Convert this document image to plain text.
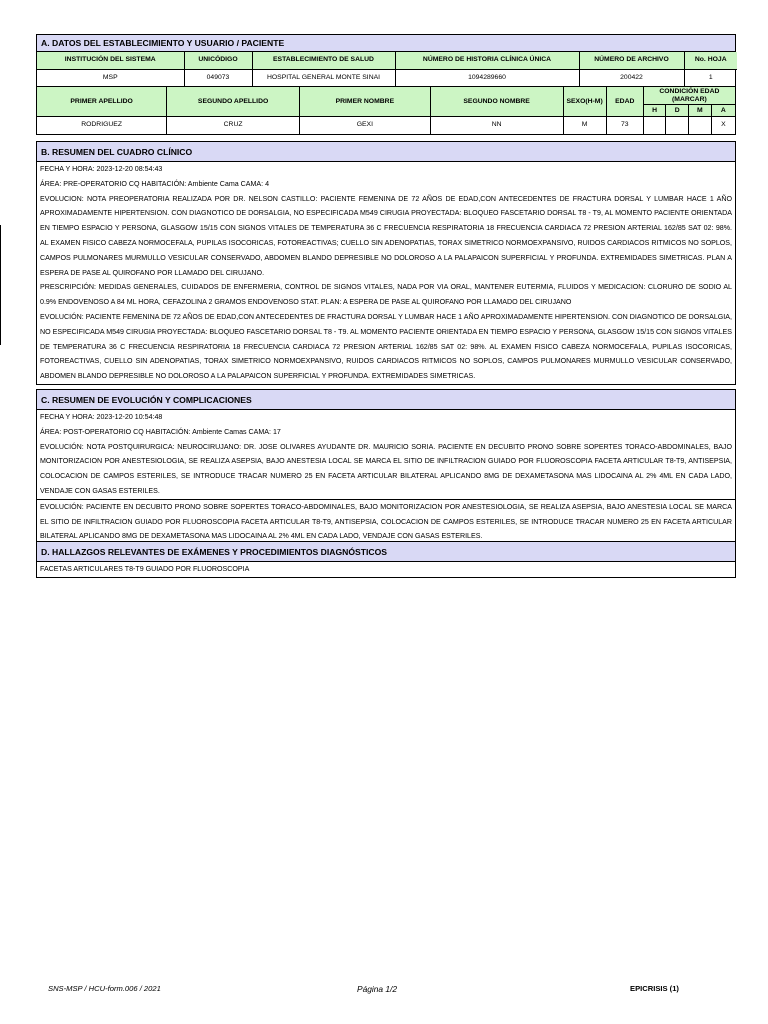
A. DATOS DEL ESTABLECIMIENTO Y USUARIO / PACIENTE
INSTITUCIÓN DEL SISTEMA	UNICÓDIGO	ESTABLECIMIENTO DE SALUD	NÚMERO DE HISTORIA CLÍNICA ÚNICA	NÚMERO DE ARCHIVO	No. HOJA
MSP	049073	HOSPITAL GENERAL MONTE SINAI	1094289660	200422	1
PRIMER APELLIDO	SEGUNDO APELLIDO	PRIMER NOMBRE	SEGUNDO NOMBRE	SEXO(H-M)	EDAD	CONDICIÓN EDAD (MARCAR)			
						H	D	M	A
RODRIGUEZ	CRUZ	GEXI	NN	M	73				X
B. RESUMEN DEL CUADRO CLÍNICO
FECHA Y HORA: 2023-12-20 08:54:43
ÁREA: PRE-OPERATORIO CQ HABITACIÓN: Ambiente Cama CAMA: 4
EVOLUCION: NOTA PREOPERATORIA REALIZADA POR DR. NELSON CASTILLO: PACIENTE FEMENINA DE 72 AÑOS DE EDAD,CON ANTECEDENTES DE FRACTURA DORSAL Y LUMBAR HACE 1 AÑO APROXIMADAMENTE HIPERTENSION. CON DIAGNOTICO DE DORSALGIA, NO ESPECIFICADA M549 CIRUGIA PROYECTADA: BLOQUEO FASCETARIO DORSAL T8 - T9, AL MOMENTO PACIENTE ORIENTADA EN TIEMPO ESPACIO Y PERSONA, GLASGOW 15/15 CON SIGNOS VITALES DE TEMPERATURA 36 C FRECUENCIA RESPIRATORIA 18 FRECUENCIA CARDIACA 72 PRESION ARTERIAL 162/85 SAT 02: 98%. AL EXAMEN FISICO CABEZA NORMOCEFALA, PUPILAS ISOCORICAS, FOTOREACTIVAS; CUELLO SIN ADENOPATIAS, TORAX SIMETRICO NORMOEXPANSIVO, RUIDOS CARDIACOS RITMICOS NO SOPLOS, CAMPOS PULMONARES MURMULLO VESICULAR CONSERVADO, ABDOMEN BLANDO DEPRESIBLE NO DOLOROSO A LA PALAPAICON SUPERFICIAL Y PROFUNDA. EXTREMIDADES SIMETRICAS. PLAN A ESPERA DE PASE AL QUIROFANO POR LLAMADO DEL CIRUJANO.
PRESCRIPCIÓN: MEDIDAS GENERALES, CUIDADOS DE ENFERMERIA, CONTROL DE SIGNOS VITALES, NADA POR VIA ORAL, MANTENER EUTERMIA, FLUIDOS Y MEDICACION: CLORURO DE SODIO AL 0.9% ENDOVENOSO A 84 ML HORA, CEFAZOLINA 2 GRAMOS ENDOVENOSO STAT. PLAN: A ESPERA DE PASE AL QUIROFANO POR LLAMADO DEL CIRUJANO
EVOLUCIÓN: PACIENTE FEMENINA DE 72 AÑOS DE EDAD,CON ANTECEDENTES DE FRACTURA DORSAL Y LUMBAR HACE 1 AÑO APROXIMADAMENTE HIPERTENSION. CON DIAGNOTICO DE DORSALGIA, NO ESPECIFICADA M549 CIRUGIA PROYECTADA: BLOQUEO FASCETARIO DORSAL T8 - T9. AL MOMENTO PACIENTE ORIENTADA EN TIEMPO ESPACIO Y PERSONA, GLASGOW 15/15 CON SIGNOS VITALES DE TEMPERATURA 36 C FRECUENCIA RESPIRATORIA 18 FRECUENCIA CARDIACA 72 PRESION ARTERIAL 162/85 SAT 02: 98%. AL EXAMEN FISICO CABEZA NORMOCEFALA, PUPILAS ISOCORICAS, FOTOREACTIVAS, CUELLO SIN ADENOPATIAS, TORAX SIMETRICO NORMOEXPANSIVO, RUIDOS CARDIACOS RITMICOS NO SOPLOS, CAMPOS PULMONARES MURMULLO VESICULAR CONSERVADO, ABDOMEN BLANDO DEPRESIBLE NO DOLOROSO A LA PALAPAICON SUPERFICIAL Y PROFUNDA. EXTREMIDADES SIMETRICAS.
C. RESUMEN DE EVOLUCIÓN Y COMPLICACIONES
FECHA Y HORA: 2023-12-20 10:54:48
ÁREA: POST-OPERATORIO CQ HABITACIÓN: Ambiente Camas CAMA: 17
EVOLUCIÓN: NOTA POSTQUIRURGICA: NEUROCIRUJANO: DR. JOSE OLIVARES AYUDANTE DR. MAURICIO SORIA. PACIENTE EN DECUBITO PRONO SOBRE SOPERTES TORACO-ABDOMINALES, BAJO MONITORIZACION POR ANESTESIOLOGIA, SE REALIZA ASEPSIA, BAJO ANESTESIA LOCAL SE MARCA EL SITIO DE INFILTRACION GUIADO POR FLUOROSCOPIA FACETA ARTICULAR T8-T9, ANTISEPSIA, COLOCACION DE CAMPOS ESTERILES, SE INTRODUCE TRACAR NUMERO 25 EN FACETA ARTICULAR BILATERAL APLICANDO 8MG DE DEXAMETASONA MAS LIDOCAINA AL 2% 4ML EN CADA LADO, VENDAJE CON GASAS ESTERILES.
EVOLUCIÓN: PACIENTE EN DECUBITO PRONO SOBRE SOPERTES TORACO-ABDOMINALES, BAJO MONITORIZACION POR ANESTESIOLOGIA, SE REALIZA ASEPSIA, BAJO ANESTESIA LOCAL SE MARCA EL SITIO DE INFILTRACION GUIADO POR FLUOROSCOPIA FACETA ARTICULAR T8-T9, ANTISEPSIA, COLOCACION DE CAMPOS ESTERILES, SE INTRODUCE TRACAR NUMERO 25 EN FACETA ARTICULAR BILATERAL APLICANDO 8MG DE DEXAMETASONA MAS LIDOCAINA AL 2% 4ML EN CADA LADO, VENDAJE CON GASAS ESTERILES.
D. HALLAZGOS RELEVANTES DE EXÁMENES Y PROCEDIMIENTOS DIAGNÓSTICOS
FACETAS ARTICULARES T8-T9 GUIADO POR FLUOROSCOPIA
SNS-MSP / HCU-form.006 / 2021	Página 1/2	EPICRISIS (1)
